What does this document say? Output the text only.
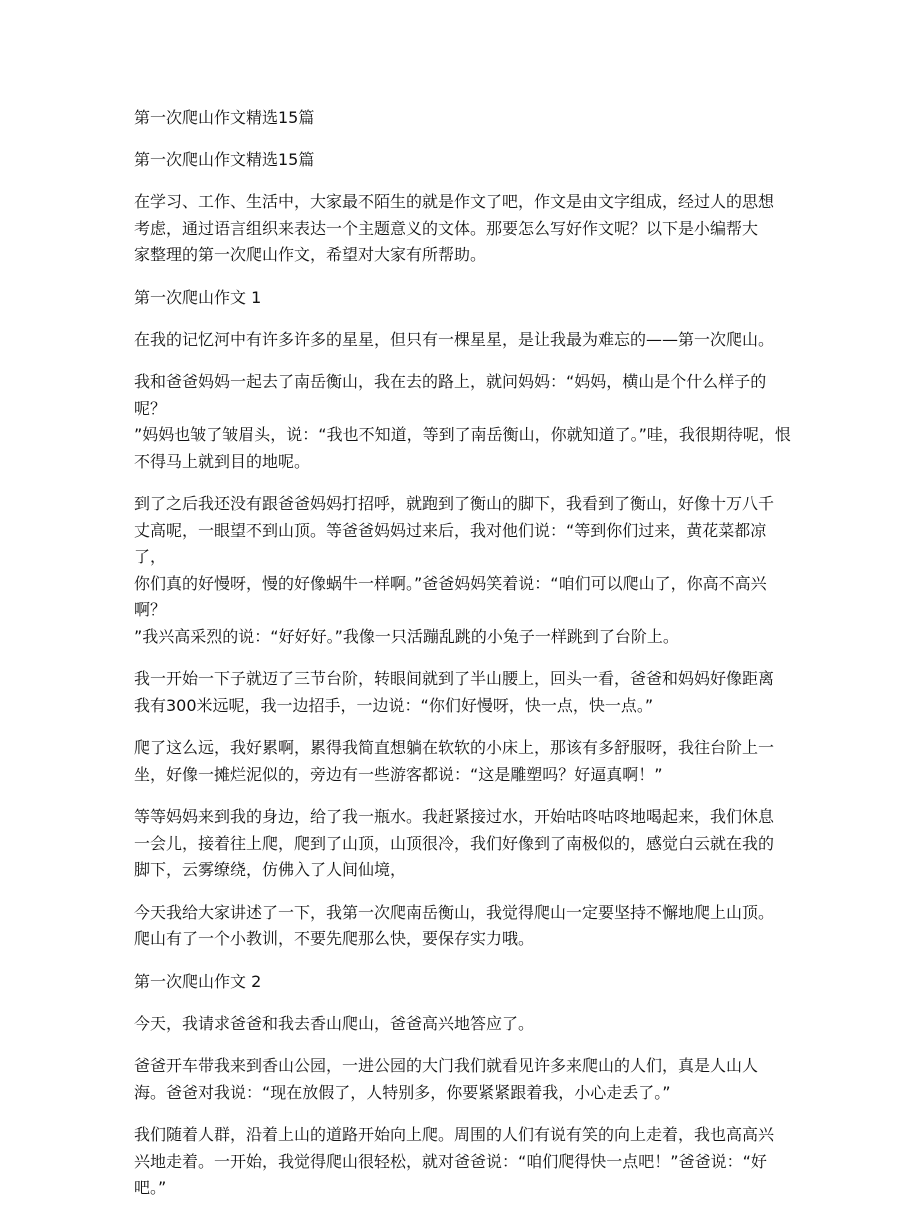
第一次爬山作文精选15篇
第一次爬山作文精选15篇
在学习、工作、生活中，大家最不陌生的就是作文了吧，作文是由文字组成，经过人的思想
考虑，通过语言组织来表达一个主题意义的文体。那要怎么写好作文呢？以下是小编帮大
家整理的第一次爬山作文，希望对大家有所帮助。
第一次爬山作文 1
在我的记忆河中有许多许多的星星，但只有一棵星星，是让我最为难忘的——第一次爬山。
我和爸爸妈妈一起去了南岳衡山，我在去的路上，就问妈妈：“妈妈，横山是个什么样子的呢？
”妈妈也皱了皱眉头，说：“我也不知道，等到了南岳衡山，你就知道了。”哇，我很期待呢，恨
不得马上就到目的地呢。
到了之后我还没有跟爸爸妈妈打招呼，就跑到了衡山的脚下，我看到了衡山，好像十万八千
丈高呢，一眼望不到山顶。等爸爸妈妈过来后，我对他们说：“等到你们过来，黄花菜都凉了，
你们真的好慢呀，慢的好像蜗牛一样啊。”爸爸妈妈笑着说：“咱们可以爬山了，你高不高兴啊？
”我兴高采烈的说：“好好好。”我像一只活蹦乱跳的小兔子一样跳到了台阶上。
我一开始一下子就迈了三节台阶，转眼间就到了半山腰上，回头一看，爸爸和妈妈好像距离
我有300米远呢，我一边招手，一边说：“你们好慢呀，快一点，快一点。”
爬了这么远，我好累啊，累得我简直想躺在软软的小床上，那该有多舒服呀，我往台阶上一
坐，好像一摊烂泥似的，旁边有一些游客都说：“这是雕塑吗？好逼真啊！”
等等妈妈来到我的身边，给了我一瓶水。我赶紧接过水，开始咕咚咕咚地喝起来，我们休息
一会儿，接着往上爬，爬到了山顶，山顶很冷，我们好像到了南极似的，感觉白云就在我的
脚下，云雾缭绕，仿佛入了人间仙境，
今天我给大家讲述了一下，我第一次爬南岳衡山，我觉得爬山一定要坚持不懈地爬上山顶。
爬山有了一个小教训，不要先爬那么快，要保存实力哦。
第一次爬山作文 2
今天，我请求爸爸和我去香山爬山，爸爸高兴地答应了。
爸爸开车带我来到香山公园，一进公园的大门我们就看见许多来爬山的人们，真是人山人
海。爸爸对我说：“现在放假了，人特别多，你要紧紧跟着我，小心走丢了。”
我们随着人群，沿着上山的道路开始向上爬。周围的人们有说有笑的向上走着，我也高高兴
兴地走着。一开始，我觉得爬山很轻松，就对爸爸说：“咱们爬得快一点吧！”爸爸说：“好吧。”
